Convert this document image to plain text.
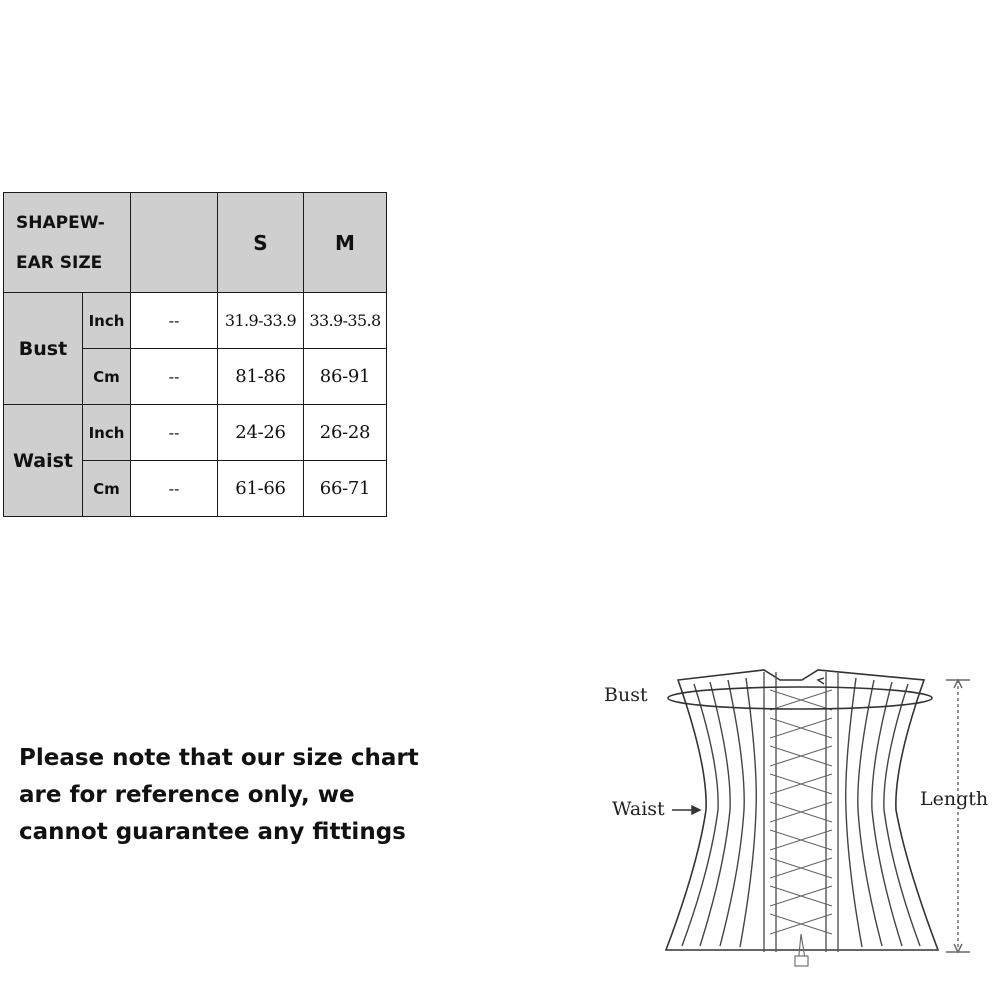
SHAPEW-
EAR SIZE			S	M
Bust	Inch	--	31.9-33.9	33.9-35.8
	Cm	--	81-86	86-91
Waist	Inch	--	24-26	26-28
	Cm	--	61-66	66-71
Please note that our size chart
are for reference only, we
cannot guarantee any fittings
Bust
Waist	Length
